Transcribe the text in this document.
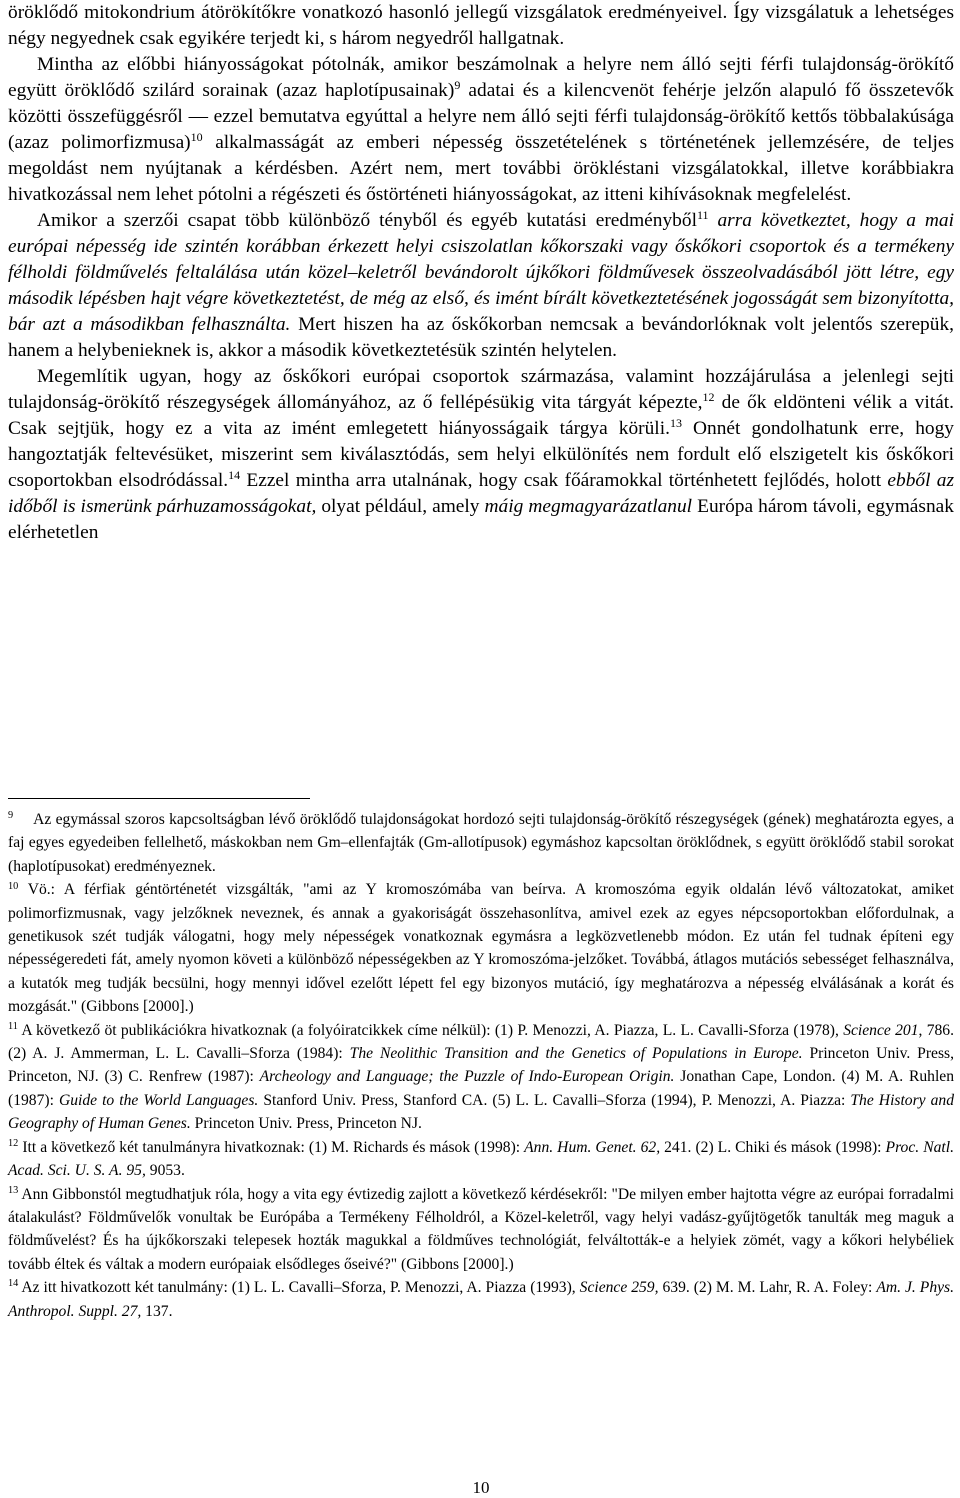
öröklődő mitokondrium átörökítőkre vonatkozó hasonló jellegű vizsgálatok eredményeivel. Így vizsgálatuk a lehetséges négy negyednek csak egyikére terjedt ki, s három negyedről hallgatnak.

Mintha az előbbi hiányosságokat pótolnák, amikor beszámolnak a helyre nem álló sejti férfi tulajdonság-örökítő együtt öröklődő szilárd sorainak (azaz haplotípusainak)$^9$ adatai és a kilencvenöt fehérje jelzőn alapuló fő összetevők közötti összefüggésről — ezzel bemutatva egyúttal a helyre nem álló sejti férfi tulajdonság-örökítő kettős többalakúsága (azaz polimorfizmusa)$^{10}$ alkalmasságát az emberi népesség összetételének s történetének jellemzésére, de teljes megoldást nem nyújtanak a kérdésben. Azért nem, mert további örökléstani vizsgálatokkal, illetve korábbiakra hivatkozással nem lehet pótolni a régészeti és őstörténeti hiányosságokat, az itteni kihívásoknak megfelelést.

Amikor a szerzői csapat több különböző tényből és egyéb kutatási eredményből$^{11}$ arra következtet, hogy a mai európai népesség ide szintén korábban érkezett helyi csiszolatlan kőkorszaki vagy őskőkori csoportok és a termékeny félholdi földművelés feltalálása után közel–keletről bevándorolt újkőkori földművesek összeolvadásából jött létre, egy második lépésben hajt végre következtetést, de még az első, és imént bírált következtetésének jogosságát sem bizonyította, bár azt a másodikban felhasználta. Mert hiszen ha az őskőkorban nemcsak a bevándorlóknak volt jelentős szerepük, hanem a helybenieknek is, akkor a második következtetésük szintén helytelen.

Megemlítik ugyan, hogy az őskőkori európai csoportok származása, valamint hozzájárulása a jelenlegi sejti tulajdonság-örökítő részegységek állományához, az ő fellépésükig vita tárgyát képezte,$^{12}$ de ők eldönteni vélik a vitát. Csak sejtjük, hogy ez a vita az imént emlegetett hiányosságaik tárgya körüli.$^{13}$ Onnét gondolhatunk erre, hogy hangoztatják feltevésüket, miszerint sem kiválasztódás, sem helyi elkülönítés nem fordult elő elszigetelt kis őskőkori csoportokban elsodródással.$^{14}$ Ezzel mintha arra utalnának, hogy csak főáramokkal történhetett fejlődés, holott ebből az időből is ismerünk párhuzamosságokat, olyat például, amely máig megmagyarázatlanul Európa három távoli, egymásnak elérhetetlen

$^9$ Az egymással szoros kapcsoltságban lévő öröklődő tulajdonságokat hordozó sejti tulajdonság-örökítő részegységek (gének) meghatározta egyes, a faj egyes egyedeiben fellelhető, máskokban nem Gm–ellenfajták (Gm-allotípusok) egymáshoz kapcsoltan öröklődnek, s együtt öröklődő stabil sorokat (haplotípusokat) eredményeznek.

$^{10}$ Vö.: A férfiak géntörténetét vizsgálták, "ami az Y kromoszómába van beírva. A kromoszóma egyik oldalán lévő változatokat, amiket polimorfizmusnak, vagy jelzőknek neveznek, és annak a gyakoriságát összehasonlítva, amivel ezek az egyes népcsoportokban előfordulnak, a genetikusok szét tudják válogatni, hogy mely népességek vonatkoznak egymásra a legközvetlenebb módon. Ez után fel tudnak építeni egy népességeredeti fát, amely nyomon követi a különböző népességekben az Y kromoszóma-jelzőket. Továbbá, átlagos mutációs sebességet felhasználva, a kutatók meg tudják becsülni, hogy mennyi idővel ezelőtt lépett fel egy bizonyos mutáció, így meghatározva a népesség elválásának a korát és mozgását." (Gibbons [2000].)

$^{11}$ A következő öt publikációkra hivatkoznak (a folyóiratcikkek címe nélkül): (1) P. Menozzi, A. Piazza, L. L. Cavalli-Sforza (1978), Science 201, 786. (2) A. J. Ammerman, L. L. Cavalli–Sforza (1984): The Neolithic Transition and the Genetics of Populations in Europe. Princeton Univ. Press, Princeton, NJ. (3) C. Renfrew (1987): Archeology and Language; the Puzzle of Indo-European Origin. Jonathan Cape, London. (4) M. A. Ruhlen (1987): Guide to the World Languages. Stanford Univ. Press, Stanford CA. (5) L. L. Cavalli–Sforza (1994), P. Menozzi, A. Piazza: The History and Geography of Human Genes. Princeton Univ. Press, Princeton NJ.

$^{12}$ Itt a következő két tanulmányra hivatkoznak: (1) M. Richards és mások (1998): Ann. Hum. Genet. 62, 241. (2) L. Chiki és mások (1998): Proc. Natl. Acad. Sci. U. S. A. 95, 9053.

$^{13}$ Ann Gibbonstól megtudhatjuk róla, hogy a vita egy évtizedig zajlott a következő kérdésekről: "De milyen ember hajtotta végre az európai forradalmi átalakulást? Földművelők vonultak be Európába a Termékeny Félholdról, a Közel-keletről, vagy helyi vadász-gyűjtögetők tanulták meg maguk a földművelést? És ha újkőkorszaki telepesek hozták magukkal a földműves technológiát, felváltották-e a helyiek zömét, vagy a kőkori helybéliek tovább éltek és váltak a modern európaiak elsődleges őseivé?" (Gibbons [2000].)

$^{14}$ Az itt hivatkozott két tanulmány: (1) L. L. Cavalli–Sforza, P. Menozzi, A. Piazza (1993), Science 259, 639. (2) M. M. Lahr, R. A. Foley: Am. J. Phys. Anthropol. Suppl. 27, 137.

10
